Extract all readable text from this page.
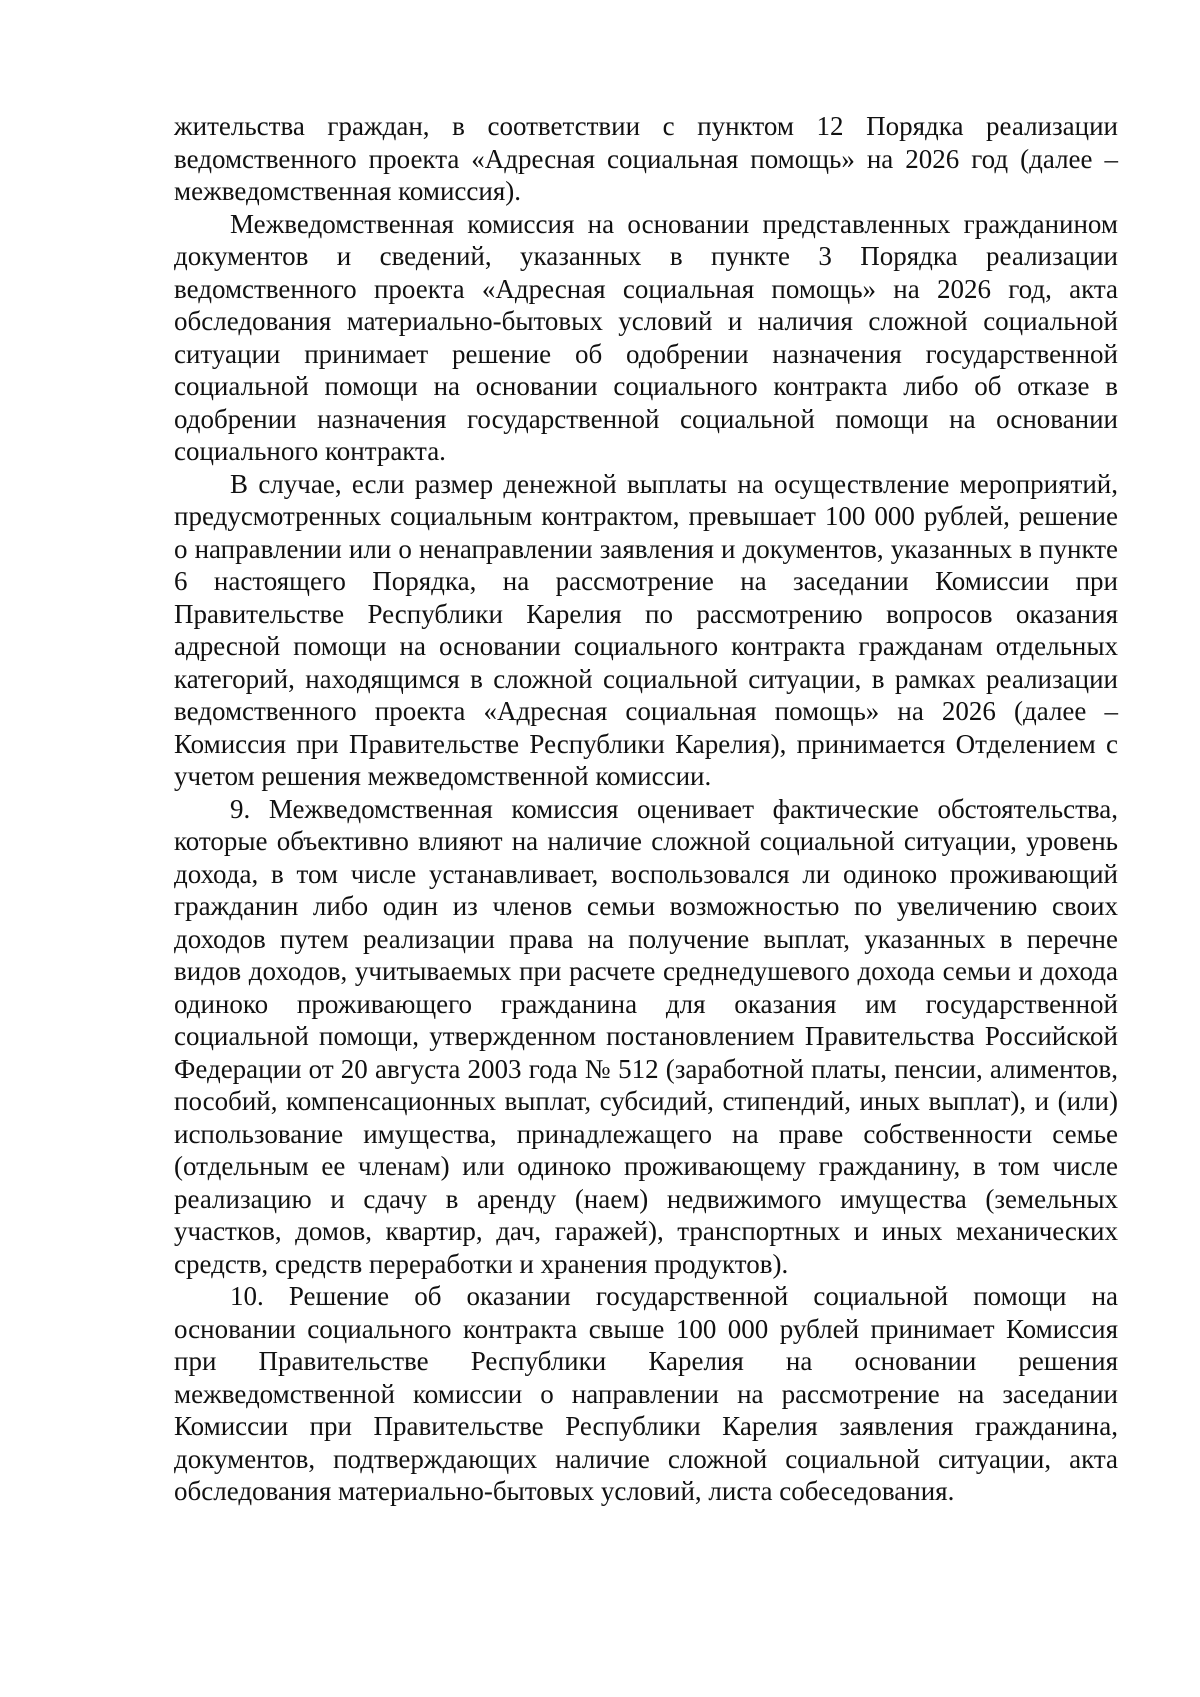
жительства граждан, в соответствии с пунктом 12 Порядка реализации ведомственного проекта «Адресная социальная помощь» на 2026 год (далее – межведомственная комиссия).

Межведомственная комиссия на основании представленных гражданином документов и сведений, указанных в пункте 3 Порядка реализации ведомственного проекта «Адресная социальная помощь» на 2026 год, акта обследования материально-бытовых условий и наличия сложной социальной ситуации принимает решение об одобрении назначения государственной социальной помощи на основании социального контракта либо об отказе в одобрении назначения государственной социальной помощи на основании социального контракта.

В случае, если размер денежной выплаты на осуществление мероприятий, предусмотренных социальным контрактом, превышает 100 000 рублей, решение о направлении или о ненаправлении заявления и документов, указанных в пункте 6 настоящего Порядка, на рассмотрение на заседании Комиссии при Правительстве Республики Карелия по рассмотрению вопросов оказания адресной помощи на основании социального контракта гражданам отдельных категорий, находящимся в сложной социальной ситуации, в рамках реализации ведомственного проекта «Адресная социальная помощь» на 2026 (далее – Комиссия при Правительстве Республики Карелия), принимается Отделением с учетом решения межведомственной комиссии.

9. Межведомственная комиссия оценивает фактические обстоятельства, которые объективно влияют на наличие сложной социальной ситуации, уровень дохода, в том числе устанавливает, воспользовался ли одиноко проживающий гражданин либо один из членов семьи возможностью по увеличению своих доходов путем реализации права на получение выплат, указанных в перечне видов доходов, учитываемых при расчете среднедушевого дохода семьи и дохода одиноко проживающего гражданина для оказания им государственной социальной помощи, утвержденном постановлением Правительства Российской Федерации от 20 августа 2003 года № 512 (заработной платы, пенсии, алиментов, пособий, компенсационных выплат, субсидий, стипендий, иных выплат), и (или) использование имущества, принадлежащего на праве собственности семье (отдельным ее членам) или одиноко проживающему гражданину, в том числе реализацию и сдачу в аренду (наем) недвижимого имущества (земельных участков, домов, квартир, дач, гаражей), транспортных и иных механических средств, средств переработки и хранения продуктов).

10. Решение об оказании государственной социальной помощи на основании социального контракта свыше 100 000 рублей принимает Комиссия при Правительстве Республики Карелия на основании решения межведомственной комиссии о направлении на рассмотрение на заседании Комиссии при Правительстве Республики Карелия заявления гражданина, документов, подтверждающих наличие сложной социальной ситуации, акта обследования материально-бытовых условий, листа собеседования.
